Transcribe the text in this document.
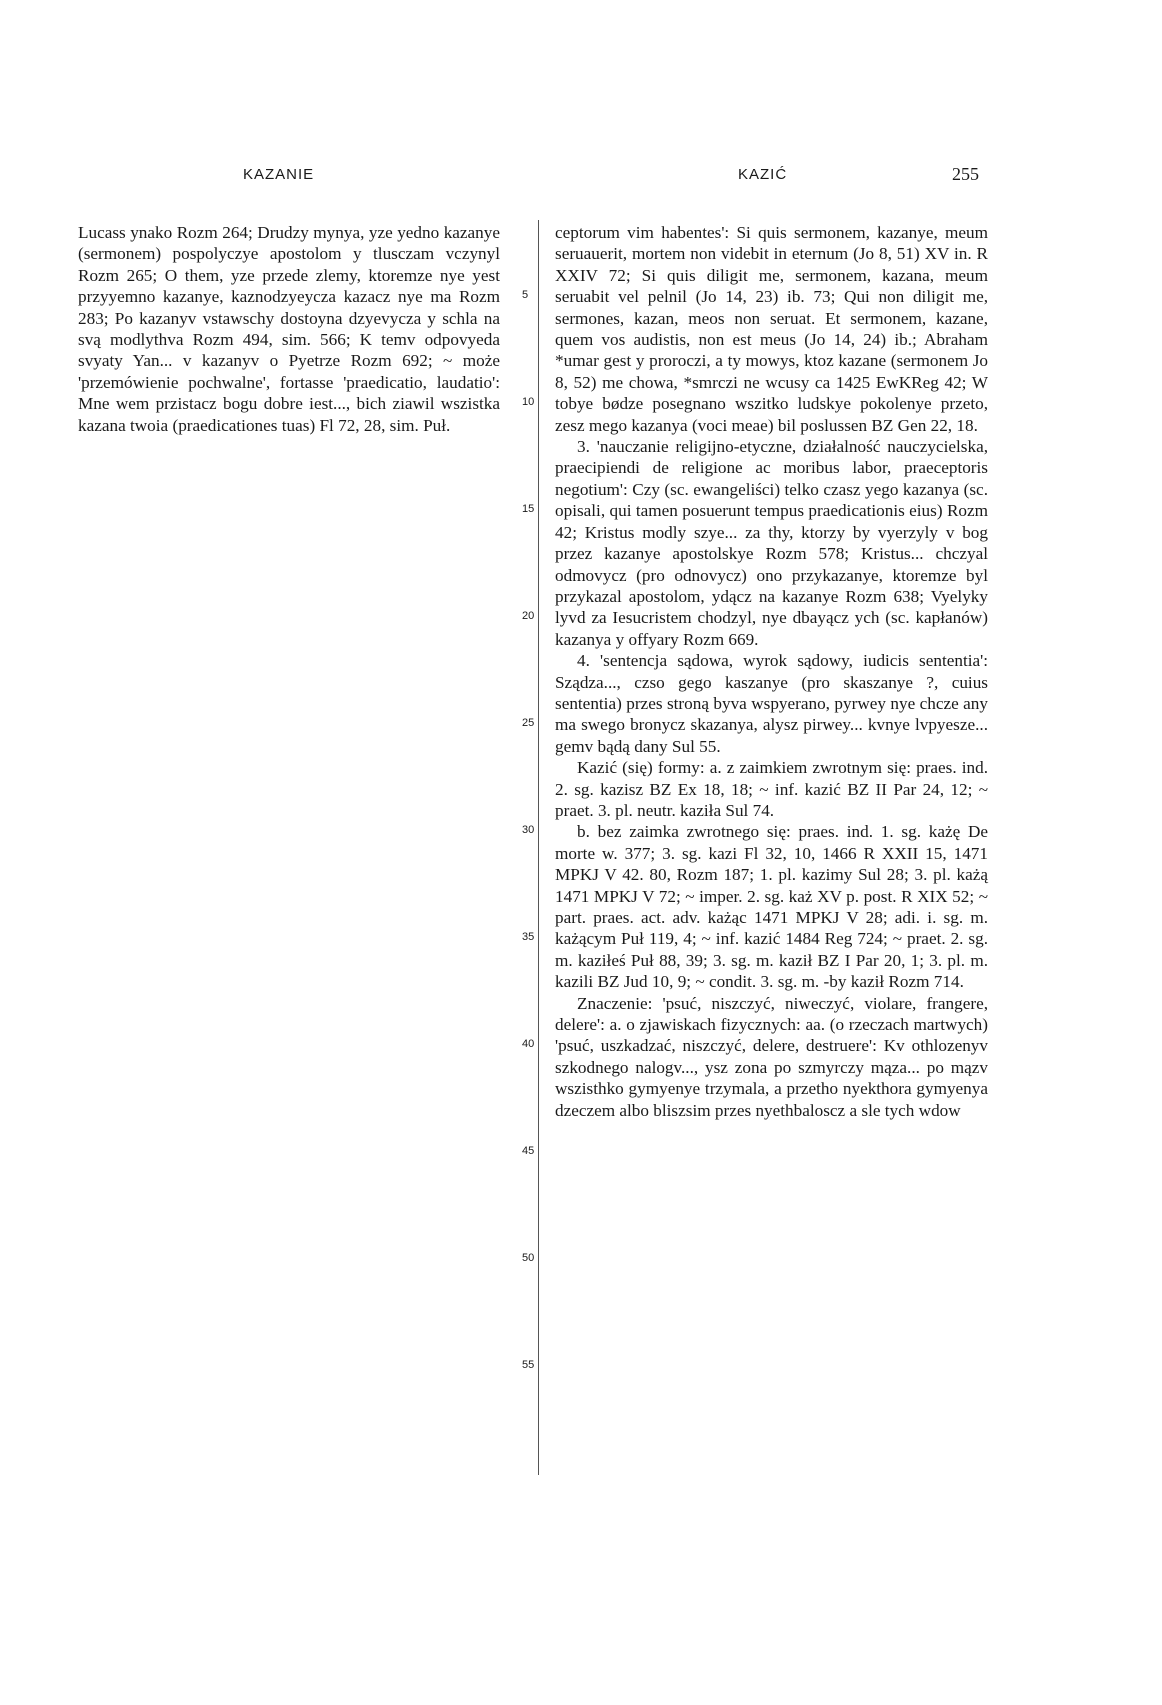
KAZANIE	KAZIĆ	255

Lucass ynako Rozm 264; Drudzy mynya, yze yedno kazanye (sermonem) pospolyczye apostolom y tlusczam vczynyl Rozm 265; O them, yze przede zlemy, ktoremze nye yest przyyemno kazanye, kaznodzyeycza kazacz nye ma Rozm 283; Po kazanyv vstawschy dostoyna dzyevycza y schla na svą modlythva Rozm 494, sim. 566; K temv odpovyeda svyaty Yan... v kazanyv o Pyetrze Rozm 692; ~ może 'przemówienie pochwalne', fortasse 'praedicatio, laudatio': Mne wem przistacz bogu dobre iest..., bich ziawil wszistka kazana twoia (praedicationes tuas) Fl 72, 28, sim. Puł.

5
10
15
20
25
30
35
40
45
50
55

ceptorum vim habentes': Si quis sermonem, kazanye, meum seruauerit, mortem non videbit in eternum (Jo 8, 51) XV in. R XXIV 72; Si quis diligit me, sermonem, kazana, meum seruabit vel pelnil (Jo 14, 23) ib. 73; Qui non diligit me, sermones, kazan, meos non seruat. Et sermonem, kazane, quem vos audistis, non est meus (Jo 14, 24) ib.; Abraham *umar gest y proroczi, a ty mowys, ktoz kazane (sermonem Jo 8, 52) me chowa, *smrczi ne wcusy ca 1425 EwKReg 42; W tobye bødze posegnano wszitko ludskye pokolenye przeto, zesz mego kazanya (voci meae) bil poslussen BZ Gen 22, 18.

3. 'nauczanie religijno-etyczne, działalność nauczycielska, praecipiendi de religione ac moribus labor, praeceptoris negotium': Czy (sc. ewangeliści) telko czasz yego kazanya (sc. opisali, qui tamen posuerunt tempus praedicationis eius) Rozm 42; Kristus modly szye... za thy, ktorzy by vyerzyly v bog przez kazanye apostolskye Rozm 578; Kristus... chczyal odmovycz (pro odnovycz) ono przykazanye, ktoremze byl przykazal apostolom, ydącz na kazanye Rozm 638; Vyelyky lyvd za Iesucristem chodzyl, nye dbayącz ych (sc. kapłanów) kazanya y offyary Rozm 669.

4. 'sentencja sądowa, wyrok sądowy, iudicis sententia': Sządza..., czso gego kaszanye (pro skaszanye ?, cuius sententia) przes stroną byva wspyerano, pyrwey nye chcze any ma swego bronycz skazanya, alysz pirwey... kvnye lvpyesze... gemv bądą dany Sul 55.

Kazić (się) formy: a. z zaimkiem zwrotnym się: praes. ind. 2. sg. kazisz BZ Ex 18, 18; ~ inf. kazić BZ II Par 24, 12; ~ praet. 3. pl. neutr. kaziła Sul 74.

b. bez zaimka zwrotnego się: praes. ind. 1. sg. każę De morte w. 377; 3. sg. kazi Fl 32, 10, 1466 R XXII 15, 1471 MPKJ V 42. 80, Rozm 187; 1. pl. kazimy Sul 28; 3. pl. każą 1471 MPKJ V 72; ~ imper. 2. sg. każ XV p. post. R XIX 52; ~ part. praes. act. adv. każąc 1471 MPKJ V 28; adi. i. sg. m. każącym Puł 119, 4; ~ inf. kazić 1484 Reg 724; ~ praet. 2. sg. m. kaziłeś Puł 88, 39; 3. sg. m. kaził BZ I Par 20, 1; 3. pl. m. kazili BZ Jud 10, 9; ~ condit. 3. sg. m. -by kaził Rozm 714.

Znaczenie: 'psuć, niszczyć, niweczyć, violare, frangere, delere': a. o zjawiskach fizycznych: aa. (o rzeczach martwych) 'psuć, uszkadzać, niszczyć, delere, destruere': Kv othlozenyv szkodnego nalogv..., ysz zona po szmyrczy mąza... po mązv wszisthko gymyenye trzymala, a przetho nyekthora gymyenya dzeczem albo bliszsim przes nyethbalosсz a sle tych wdow
